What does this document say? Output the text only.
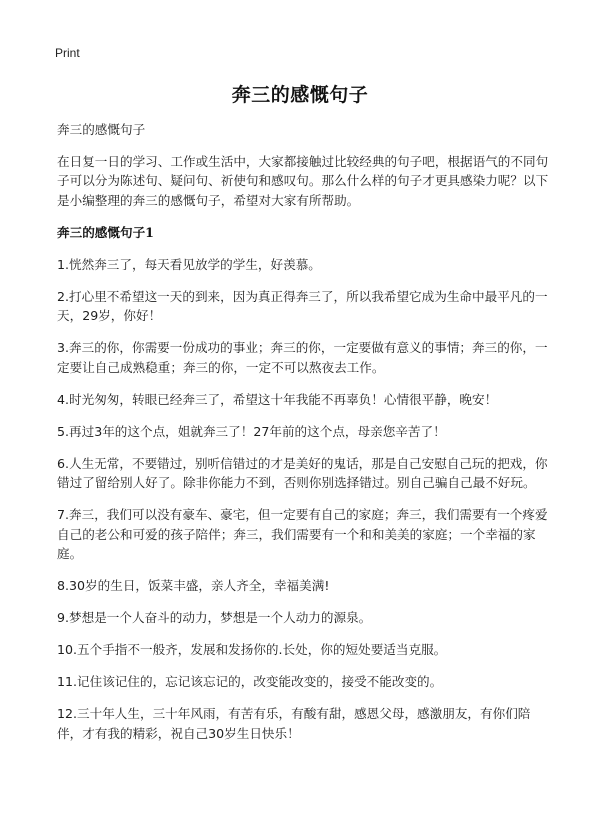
Print
奔三的感慨句子

奔三的感慨句子

在日复一日的学习、工作或生活中，大家都接触过比较经典的句子吧，根据语气的不同句子可以分为陈述句、疑问句、祈使句和感叹句。那么什么样的句子才更具感染力呢？以下是小编整理的奔三的感慨句子，希望对大家有所帮助。

奔三的感慨句子1

1.恍然奔三了，每天看见放学的学生，好羡慕。

2.打心里不希望这一天的到来，因为真正得奔三了，所以我希望它成为生命中最平凡的一天，29岁，你好！

3.奔三的你，你需要一份成功的事业；奔三的你，一定要做有意义的事情；奔三的你，一定要让自己成熟稳重；奔三的你，一定不可以熬夜去工作。

4.时光匆匆，转眼已经奔三了，希望这十年我能不再辜负！心情很平静，晚安！

5.再过3年的这个点，姐就奔三了！27年前的这个点，母亲您辛苦了！

6.人生无常，不要错过，别听信错过的才是美好的鬼话，那是自己安慰自己玩的把戏，你错过了留给别人好了。除非你能力不到，否则你别选择错过。别自己骗自己最不好玩。

7.奔三，我们可以没有豪车、豪宅，但一定要有自己的家庭；奔三，我们需要有一个疼爱自己的老公和可爱的孩子陪伴；奔三，我们需要有一个和和美美的家庭；一个幸福的家庭。

8.30岁的生日，饭菜丰盛，亲人齐全，幸福美满!

9.梦想是一个人奋斗的动力，梦想是一个人动力的源泉。

10.五个手指不一般齐，发展和发扬你的.长处，你的短处要适当克服。

11.记住该记住的，忘记该忘记的，改变能改变的，接受不能改变的。

12.三十年人生，三十年风雨，有苦有乐，有酸有甜，感恩父母，感激朋友，有你们陪伴，才有我的精彩，祝自己30岁生日快乐！
